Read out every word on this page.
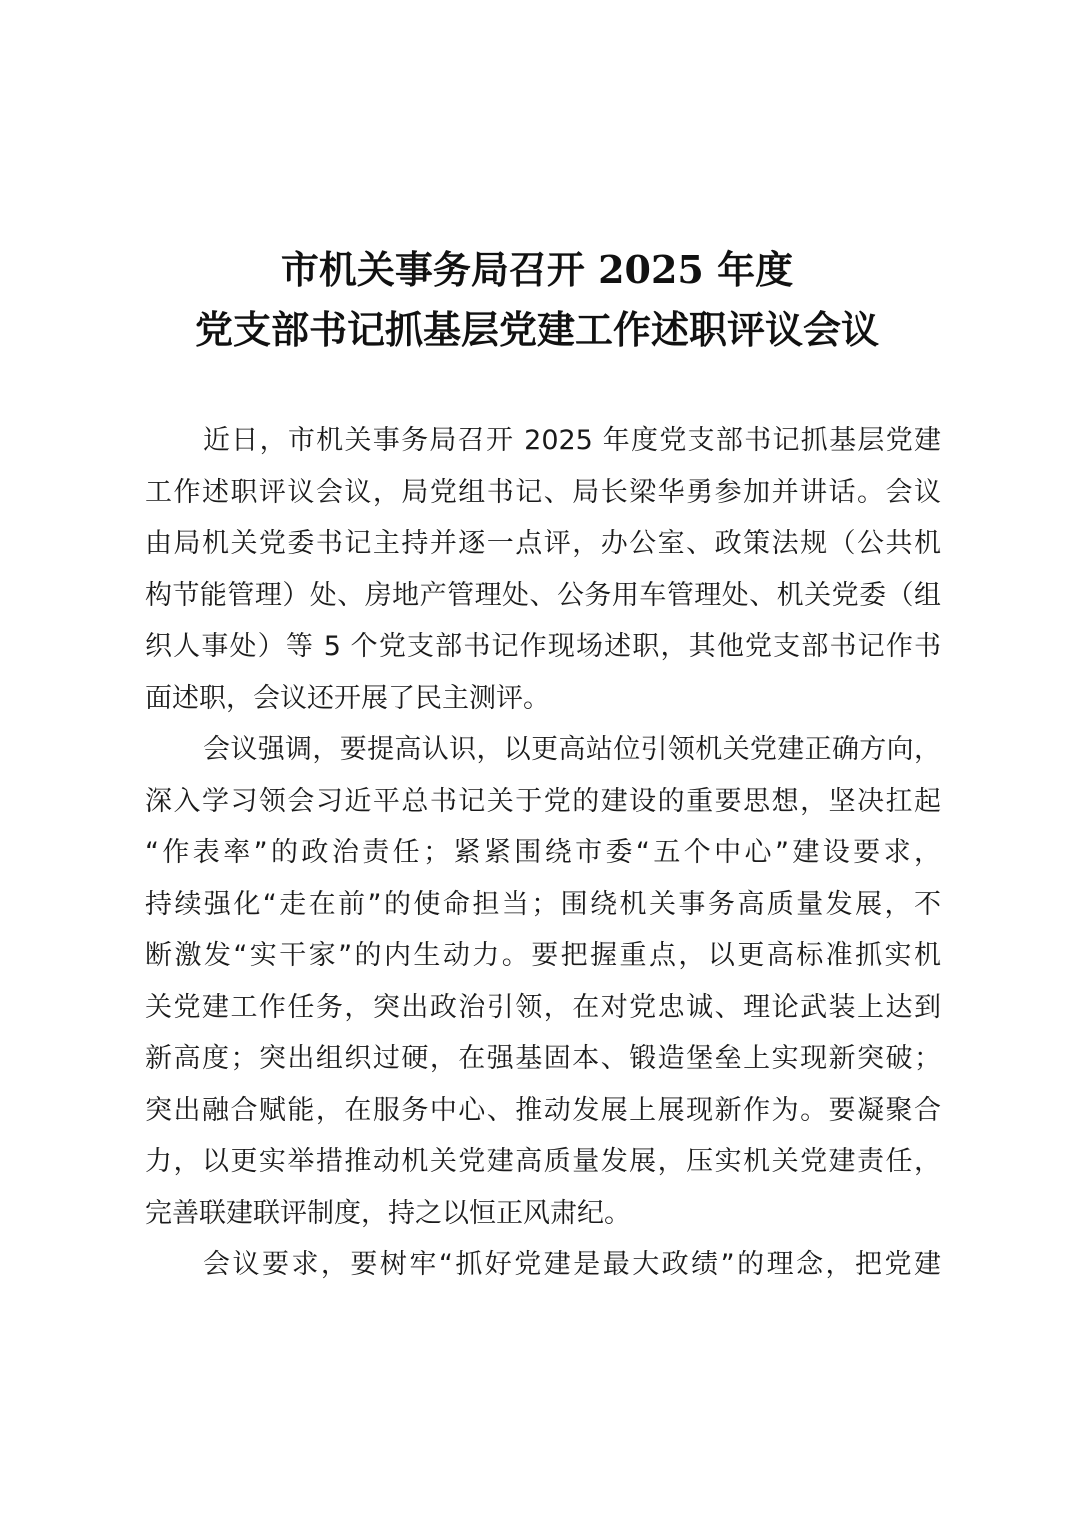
市机关事务局召开 2025 年度
党支部书记抓基层党建工作述职评议会议
近日，市机关事务局召开 2025 年度党支部书记抓基层党建
工作述职评议会议，局党组书记、局长梁华勇参加并讲话。会议
由局机关党委书记主持并逐一点评，办公室、政策法规（公共机
构节能管理）处、房地产管理处、公务用车管理处、机关党委（组
织人事处）等 5 个党支部书记作现场述职，其他党支部书记作书
面述职，会议还开展了民主测评。
会议强调，要提高认识，以更高站位引领机关党建正确方向，
深入学习领会习近平总书记关于党的建设的重要思想，坚决扛起
“作表率”的政治责任；紧紧围绕市委“五个中心”建设要求，
持续强化“走在前”的使命担当；围绕机关事务高质量发展，不
断激发“实干家”的内生动力。要把握重点，以更高标准抓实机
关党建工作任务，突出政治引领，在对党忠诚、理论武装上达到
新高度；突出组织过硬，在强基固本、锻造堡垒上实现新突破；
突出融合赋能，在服务中心、推动发展上展现新作为。要凝聚合
力，以更实举措推动机关党建高质量发展，压实机关党建责任，
完善联建联评制度，持之以恒正风肃纪。
会议要求，要树牢“抓好党建是最大政绩”的理念，把党建
